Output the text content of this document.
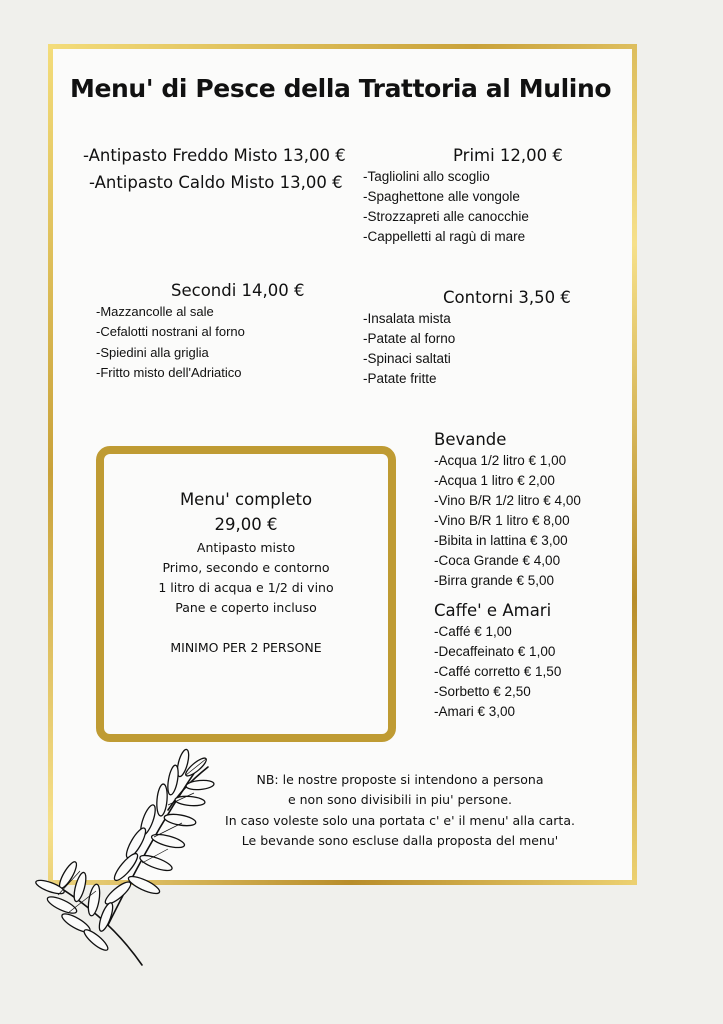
Menu' di Pesce della Trattoria al Mulino
-Antipasto Freddo Misto 13,00 €
-Antipasto Caldo Misto 13,00 €
Primi 12,00 €
-Tagliolini allo scoglio
-Spaghettone alle vongole
-Strozzapreti alle canocchie
-Cappelletti al ragù di mare
Secondi 14,00 €
-Mazzancolle al sale
-Cefalotti nostrani al forno
-Spiedini alla griglia
-Fritto misto dell'Adriatico
Contorni 3,50 €
-Insalata mista
-Patate al forno
-Spinaci saltati
-Patate fritte
Bevande
-Acqua 1/2 litro € 1,00
-Acqua 1 litro € 2,00
-Vino B/R 1/2 litro € 4,00
-Vino B/R 1 litro € 8,00
-Bibita in lattina € 3,00
-Coca Grande € 4,00
-Birra grande € 5,00
Caffe' e Amari
-Caffé € 1,00
-Decaffeinato € 1,00
-Caffé corretto € 1,50
-Sorbetto € 2,50
-Amari € 3,00
Menu' completo
29,00 €
Antipasto misto
Primo, secondo e contorno
1 litro di acqua e 1/2 di vino
Pane e coperto incluso
MINIMO PER 2 PERSONE
NB: le nostre proposte si intendono a persona
e non sono divisibili in piu' persone.
In caso voleste solo una portata c' e' il menu' alla carta.
Le bevande sono escluse dalla proposta del menu'
